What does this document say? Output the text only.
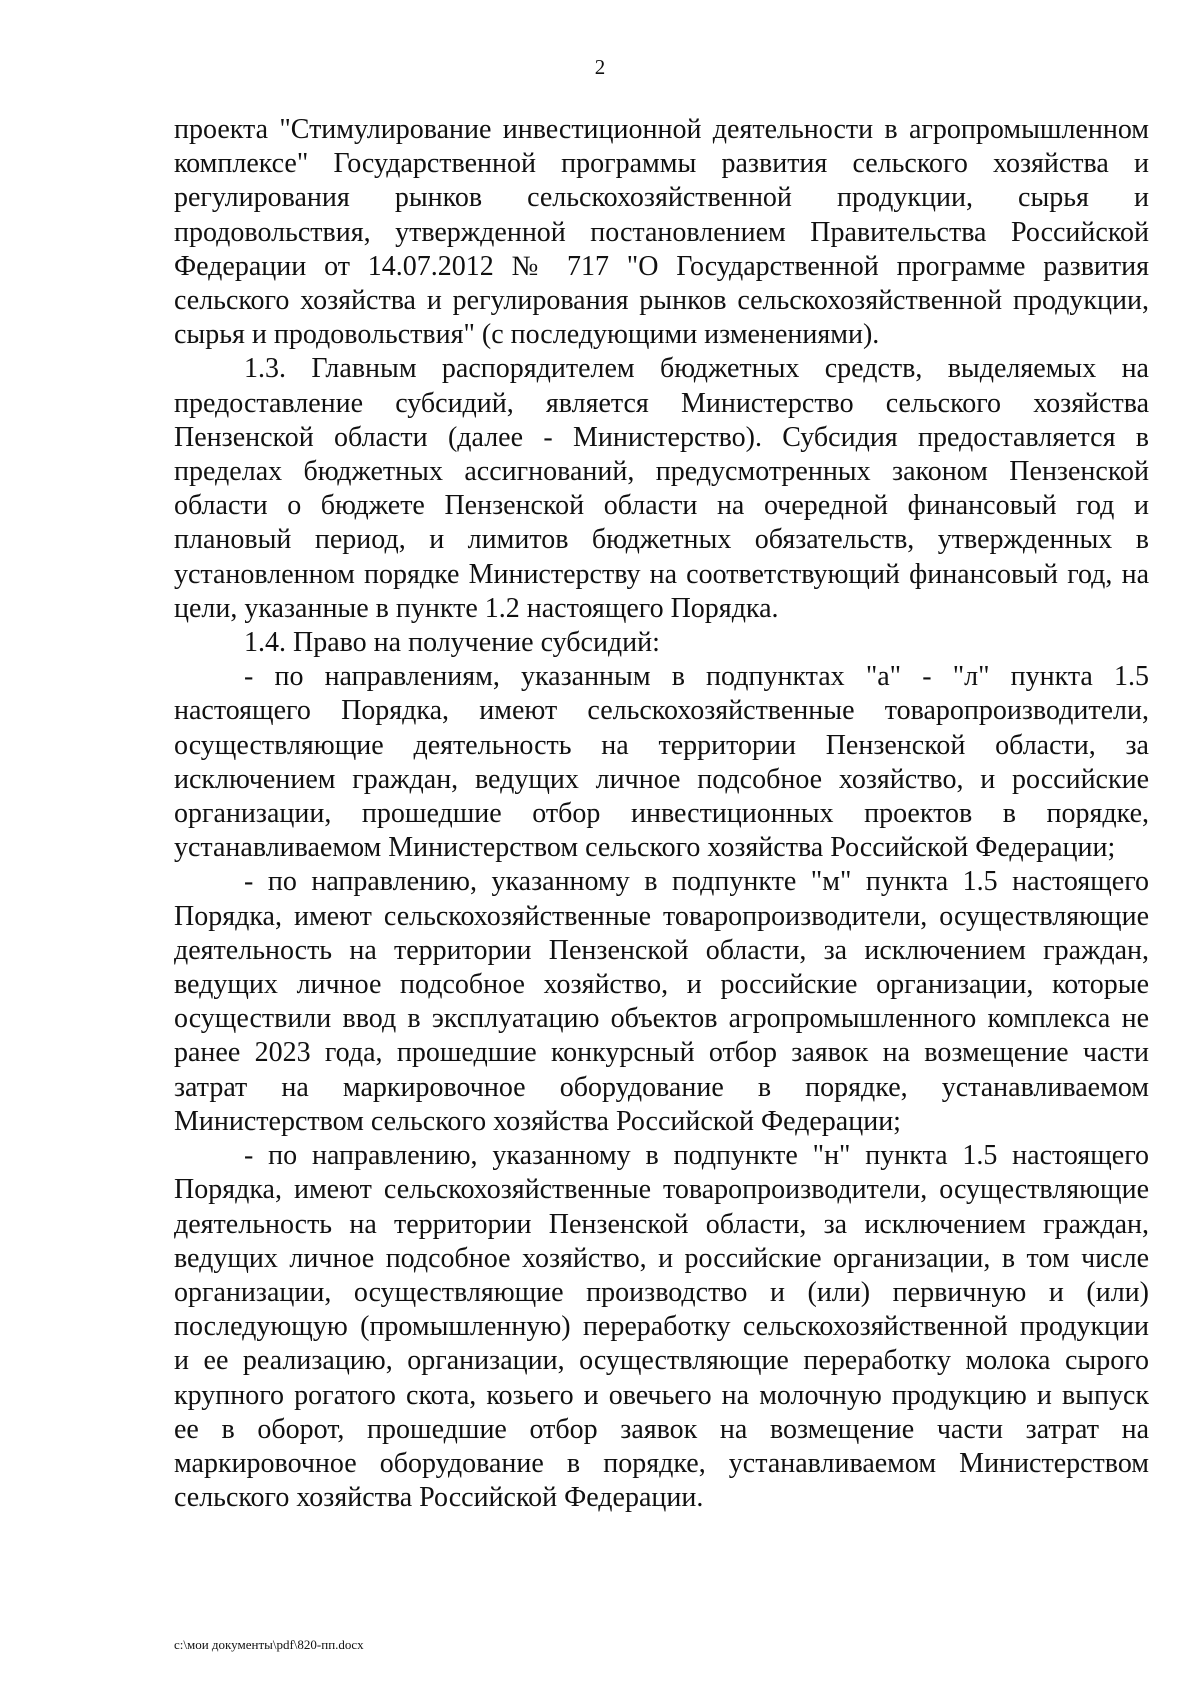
2

проекта "Стимулирование инвестиционной деятельности в агропромышленном комплексе" Государственной программы развития сельского хозяйства и регулирования рынков сельскохозяйственной продукции, сырья и продовольствия, утвержденной постановлением Правительства Российской Федерации от 14.07.2012 № 717 "О Государственной программе развития сельского хозяйства и регулирования рынков сельскохозяйственной продукции, сырья и продовольствия" (с последующими изменениями).

1.3. Главным распорядителем бюджетных средств, выделяемых на предоставление субсидий, является Министерство сельского хозяйства Пензенской области (далее - Министерство). Субсидия предоставляется в пределах бюджетных ассигнований, предусмотренных законом Пензенской области о бюджете Пензенской области на очередной финансовый год и плановый период, и лимитов бюджетных обязательств, утвержденных в установленном порядке Министерству на соответствующий финансовый год, на цели, указанные в пункте 1.2 настоящего Порядка.

1.4. Право на получение субсидий:

- по направлениям, указанным в подпунктах "а" - "л" пункта 1.5 настоящего Порядка, имеют сельскохозяйственные товаропроизводители, осуществляющие деятельность на территории Пензенской области, за исключением граждан, ведущих личное подсобное хозяйство, и российские организации, прошедшие отбор инвестиционных проектов в порядке, устанавливаемом Министерством сельского хозяйства Российской Федерации;

- по направлению, указанному в подпункте "м" пункта 1.5 настоящего Порядка, имеют сельскохозяйственные товаропроизводители, осуществляющие деятельность на территории Пензенской области, за исключением граждан, ведущих личное подсобное хозяйство, и российские организации, которые осуществили ввод в эксплуатацию объектов агропромышленного комплекса не ранее 2023 года, прошедшие конкурсный отбор заявок на возмещение части затрат на маркировочное оборудование в порядке, устанавливаемом Министерством сельского хозяйства Российской Федерации;

- по направлению, указанному в подпункте "н" пункта 1.5 настоящего Порядка, имеют сельскохозяйственные товаропроизводители, осуществляющие деятельность на территории Пензенской области, за исключением граждан, ведущих личное подсобное хозяйство, и российские организации, в том числе организации, осуществляющие производство и (или) первичную и (или) последующую (промышленную) переработку сельскохозяйственной продукции и ее реализацию, организации, осуществляющие переработку молока сырого крупного рогатого скота, козьего и овечьего на молочную продукцию и выпуск ее в оборот, прошедшие отбор заявок на возмещение части затрат на маркировочное оборудование в порядке, устанавливаемом Министерством сельского хозяйства Российской Федерации.

c:\мои документы\pdf\820-пп.docx
